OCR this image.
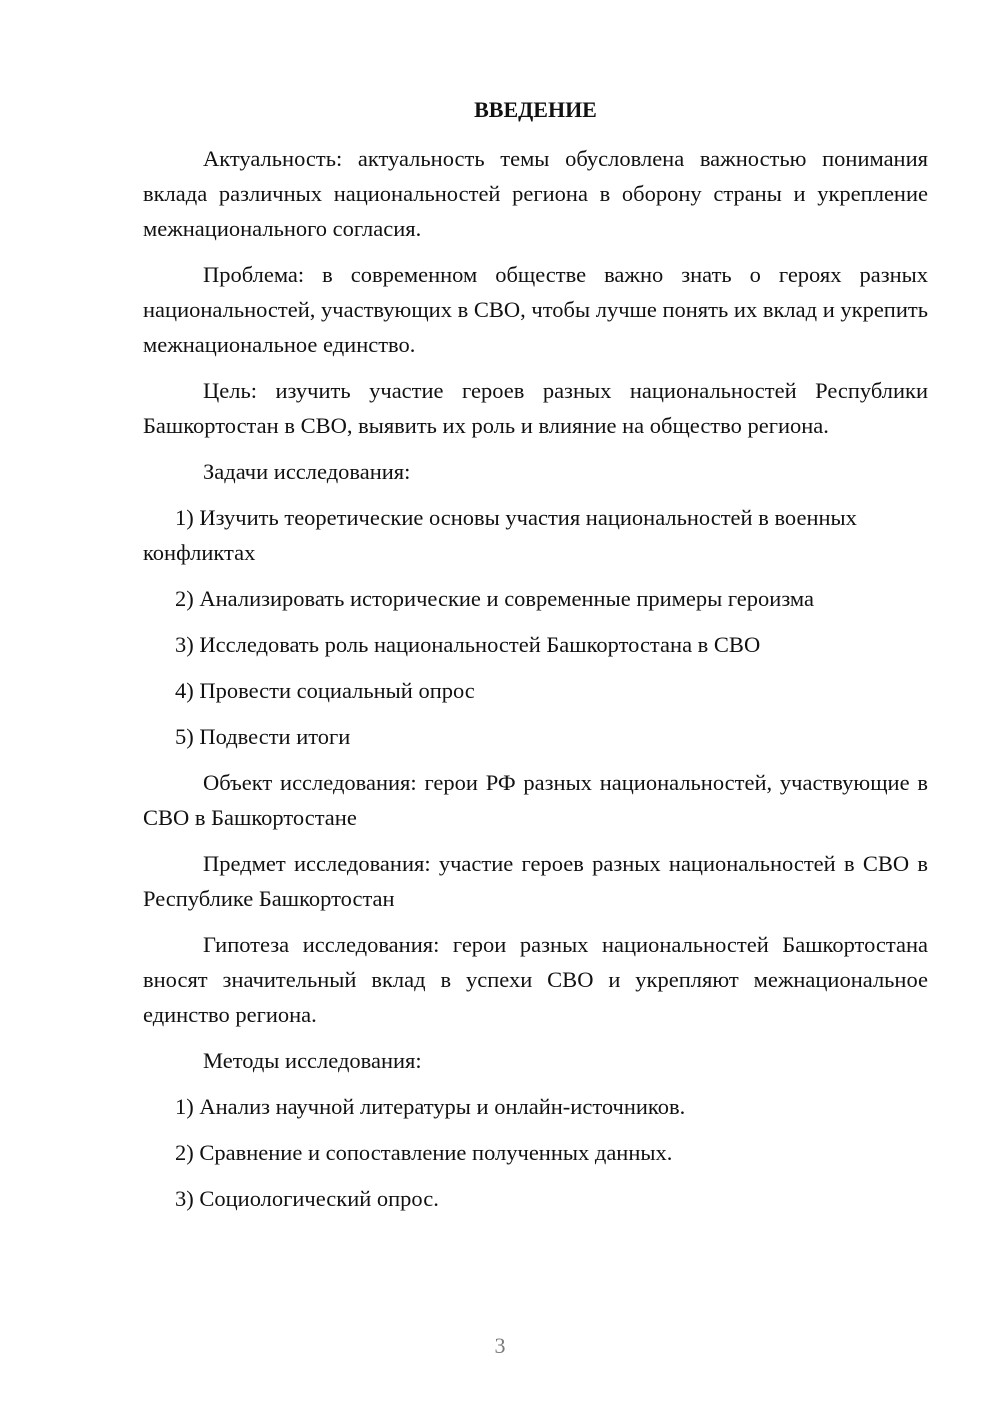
ВВЕДЕНИЕ

Актуальность: актуальность темы обусловлена важностью понимания вклада различных национальностей региона в оборону страны и укрепление межнационального согласия.

Проблема: в современном обществе важно знать о героях разных национальностей, участвующих в СВО, чтобы лучше понять их вклад и укрепить межнациональное единство.

Цель: изучить участие героев разных национальностей Республики Башкортостан в СВО, выявить их роль и влияние на общество региона.

Задачи исследования:

1) Изучить теоретические основы участия национальностей в военных конфликтах

2) Анализировать исторические и современные примеры героизма

3) Исследовать роль национальностей Башкортостана в СВО

4) Провести социальный опрос

5) Подвести итоги

Объект исследования: герои РФ разных национальностей, участвующие в СВО в Башкортостане

Предмет исследования: участие героев разных национальностей в СВО в Республике Башкортостан

Гипотеза исследования: герои разных национальностей Башкортостана вносят значительный вклад в успехи СВО и укрепляют межнациональное единство региона.

Методы исследования:

1) Анализ научной литературы и онлайн-источников.

2) Сравнение и сопоставление полученных данных.

3) Социологический опрос.

3
